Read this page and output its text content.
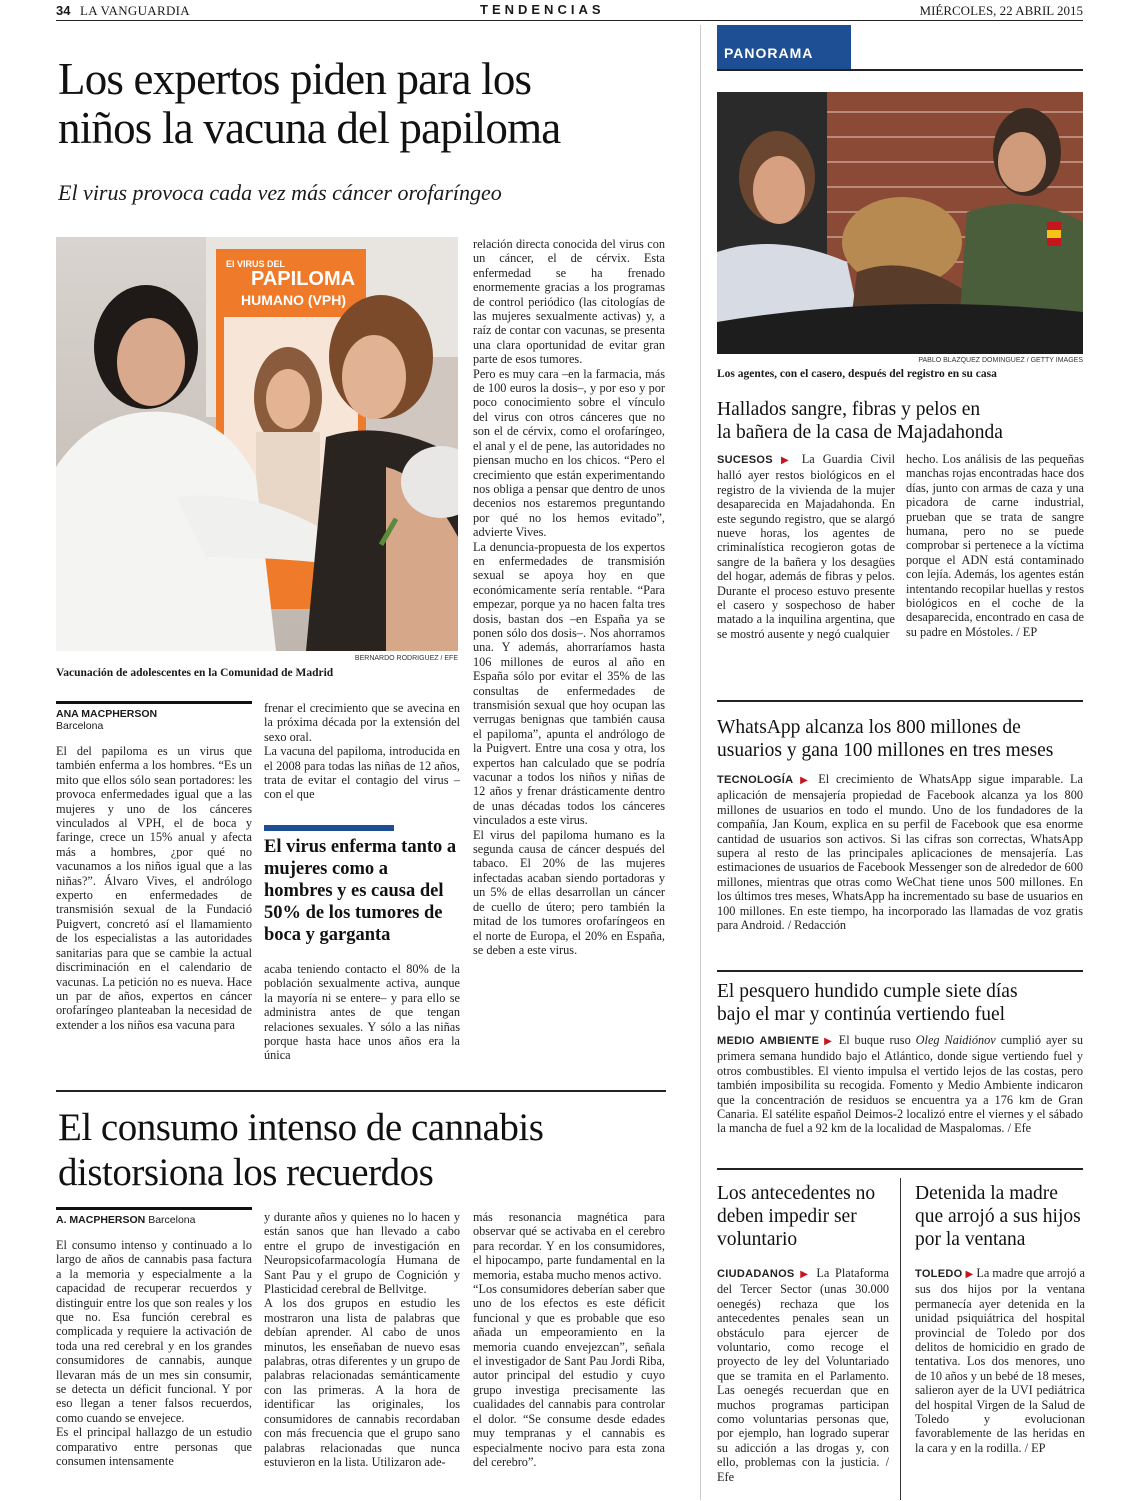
34 LA VANGUARDIA	TENDENCIAS	MIÉRCOLES, 22 ABRIL 2015
Los expertos piden para los
niños la vacuna del papiloma
El virus provoca cada vez más cáncer orofaríngeo
El VIRUS DEL
PAPILOMA
HUMANO (VPH)
BERNARDO RODRÍGUEZ / EFE
Vacunación de adolescentes en la Comunidad de Madrid
ANA MACPHERSON
Barcelona
El del papiloma es un virus que también enferma a los hombres. “Es un mito que ellos sólo sean portadores: les provoca enfermedades igual que a las mujeres y uno de los cánceres vinculados al VPH, el de boca y faringe, crece un 15% anual y afecta más a hombres, ¿por qué no vacunamos a los niños igual que a las niñas?”. Álvaro Vives, el andrólogo experto en enfermedades de transmisión sexual de la Fundació Puigvert, concretó así el llamamiento de los especialistas a las autoridades sanitarias para que se cambie la actual discriminación en el calendario de vacunas. La petición no es nueva. Hace un par de años, expertos en cáncer orofaríngeo planteaban la necesidad de extender a los niños esa vacuna para
frenar el crecimiento que se avecina en la próxima década por la extensión del sexo oral.
La vacuna del papiloma, introducida en el 2008 para todas las niñas de 12 años, trata de evitar el contagio del virus –con el que
El virus enferma tanto a mujeres como a hombres y es causa del 50% de los tumores de boca y garganta
acaba teniendo contacto el 80% de la población sexualmente activa, aunque la mayoría ni se entere– y para ello se administra antes de que tengan relaciones sexuales. Y sólo a las niñas porque hasta hace unos años era la única
relación directa conocida del virus con un cáncer, el de cérvix. Esta enfermedad se ha frenado enormemente gracias a los programas de control periódico (las citologías de las mujeres sexualmente activas) y, a raíz de contar con vacunas, se presenta una clara oportunidad de evitar gran parte de esos tumores.
Pero es muy cara –en la farmacia, más de 100 euros la dosis–, y por eso y por poco conocimiento sobre el vínculo del virus con otros cánceres que no son el de cérvix, como el orofaríngeo, el anal y el de pene, las autoridades no piensan mucho en los chicos. “Pero el crecimiento que están experimentando nos obliga a pensar que dentro de unos decenios nos estaremos preguntando por qué no los hemos evitado”, advierte Vives.
La denuncia-propuesta de los expertos en enfermedades de transmisión sexual se apoya hoy en que económicamente sería rentable. “Para empezar, porque ya no hacen falta tres dosis, bastan dos –en España ya se ponen sólo dos dosis–. Nos ahorramos una. Y además, ahorraríamos hasta 106 millones de euros al año en España sólo por evitar el 35% de las consultas de enfermedades de transmisión sexual que hoy ocupan las verrugas benignas que también causa el papiloma”, apunta el andrólogo de la Puigvert. Entre una cosa y otra, los expertos han calculado que se podría vacunar a todos los niños y niñas de 12 años y frenar drásticamente dentro de unas décadas todos los cánceres vinculados a este virus.
El virus del papiloma humano es la segunda causa de cáncer después del tabaco. El 20% de las mujeres infectadas acaban siendo portadoras y un 5% de ellas desarrollan un cáncer de cuello de útero; pero también la mitad de los tumores orofaríngeos en el norte de Europa, el 20% en España, se deben a este virus.
El consumo intenso de cannabis
distorsiona los recuerdos
A. MACPHERSON Barcelona
El consumo intenso y continuado a lo largo de años de cannabis pasa factura a la memoria y especialmente a la capacidad de recuperar recuerdos y distinguir entre los que son reales y los que no. Esa función cerebral es complicada y requiere la activación de toda una red cerebral y en los grandes consumidores de cannabis, aunque llevaran más de un mes sin consumir, se detecta un déficit funcional. Y por eso llegan a tener falsos recuerdos, como cuando se envejece.
Es el principal hallazgo de un estudio comparativo entre personas que consumen intensamente
y durante años y quienes no lo hacen y están sanos que han llevado a cabo entre el grupo de investigación en Neuropsicofarmacología Humana de Sant Pau y el grupo de Cognición y Plasticidad cerebral de Bellvitge.
A los dos grupos en estudio les mostraron una lista de palabras que debían aprender. Al cabo de unos minutos, les enseñaban de nuevo esas palabras, otras diferentes y un grupo de palabras relacionadas semánticamente con las primeras. A la hora de identificar las originales, los consumidores de cannabis recordaban con más frecuencia que el grupo sano palabras relacionadas que nunca estuvieron en la lista. Utilizaron ade-
más resonancia magnética para observar qué se activaba en el cerebro para recordar. Y en los consumidores, el hipocampo, parte fundamental en la memoria, estaba mucho menos activo.
“Los consumidores deberían saber que uno de los efectos es este déficit funcional y que es probable que eso añada un empeoramiento en la memoria cuando envejezcan”, señala el investigador de Sant Pau Jordi Riba, autor principal del estudio y cuyo grupo investiga precisamente las cualidades del cannabis para controlar el dolor. “Se consume desde edades muy tempranas y el cannabis es especialmente nocivo para esta zona del cerebro”.
PANORAMA
PABLO BLÁZQUEZ DOMÍNGUEZ / GETTY IMAGES
Los agentes, con el casero, después del registro en su casa
Hallados sangre, fibras y pelos en
la bañera de la casa de Majadahonda
SUCESOS ▶ La Guardia Civil halló ayer restos biológicos en el registro de la vivienda de la mujer desaparecida en Majadahonda. En este segundo registro, que se alargó nueve horas, los agentes de criminalística recogieron gotas de sangre de la bañera y los desagües del hogar, además de fibras y pelos. Durante el proceso estuvo presente el casero y sospechoso de haber matado a la inquilina argentina, que se mostró ausente y negó cualquier
hecho. Los análisis de las pequeñas manchas rojas encontradas hace dos días, junto con armas de caza y una picadora de carne industrial, prueban que se trata de sangre humana, pero no se puede comprobar si pertenece a la víctima porque el ADN está contaminado con lejía. Además, los agentes están intentando recopilar huellas y restos biológicos en el coche de la desaparecida, encontrado en casa de su padre en Móstoles. / EP
WhatsApp alcanza los 800 millones de
usuarios y gana 100 millones en tres meses
TECNOLOGÍA ▶ El crecimiento de WhatsApp sigue imparable. La aplicación de mensajería propiedad de Facebook alcanza ya los 800 millones de usuarios en todo el mundo. Uno de los fundadores de la compañía, Jan Koum, explica en su perfil de Facebook que esa enorme cantidad de usuarios son activos. Si las cifras son correctas, WhatsApp supera al resto de las principales aplicaciones de mensajería. Las estimaciones de usuarios de Facebook Messenger son de alrededor de 600 millones, mientras que otras como WeChat tiene unos 500 millones. En los últimos tres meses, WhatsApp ha incrementado su base de usuarios en 100 millones. En este tiempo, ha incorporado las llamadas de voz gratis para Android. / Redacción
El pesquero hundido cumple siete días
bajo el mar y continúa vertiendo fuel
MEDIO AMBIENTE ▶ El buque ruso Oleg Naidiónov cumplió ayer su primera semana hundido bajo el Atlántico, donde sigue vertiendo fuel y otros combustibles. El viento impulsa el vertido lejos de las costas, pero también imposibilita su recogida. Fomento y Medio Ambiente indicaron que la concentración de residuos se encuentra ya a 176 km de Gran Canaria. El satélite español Deimos-2 localizó entre el viernes y el sábado la mancha de fuel a 92 km de la localidad de Maspalomas. / Efe
Los antecedentes no deben impedir ser voluntario
CIUDADANOS ▶ La Plataforma del Tercer Sector (unas 30.000 oenegés) rechaza que los antecedentes penales sean un obstáculo para ejercer de voluntario, como recoge el proyecto de ley del Voluntariado que se tramita en el Parlamento. Las oenegés recuerdan que en muchos programas participan como voluntarias personas que, por ejemplo, han logrado superar su adicción a las drogas y, con ello, problemas con la justicia. / Efe
Detenida la madre que arrojó a sus hijos por la ventana
TOLEDO ▶ La madre que arrojó a sus dos hijos por la ventana permanecía ayer detenida en la unidad psiquiátrica del hospital provincial de Toledo por dos delitos de homicidio en grado de tentativa. Los dos menores, uno de 10 años y un bebé de 18 meses, salieron ayer de la UVI pediátrica del hospital Virgen de la Salud de Toledo y evolucionan favorablemente de las heridas en la cara y en la rodilla. / EP
